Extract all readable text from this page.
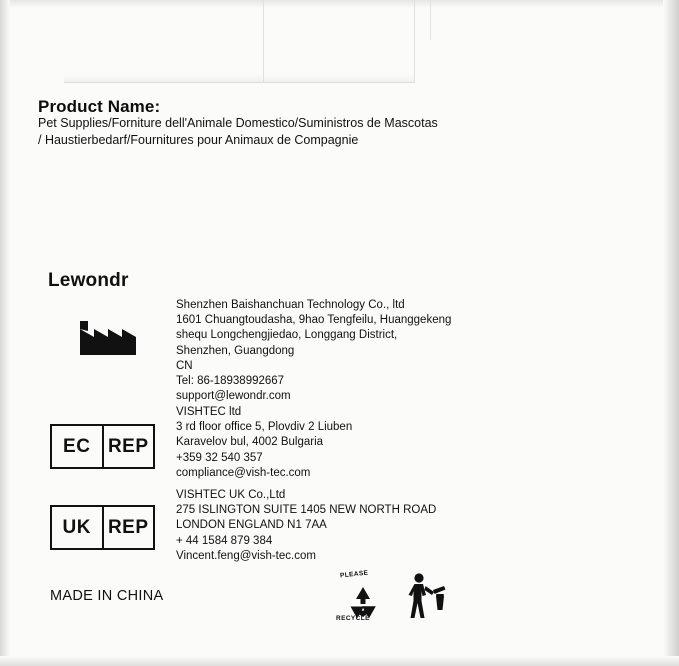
Product Name:
Pet Supplies/Forniture dell'Animale Domestico/Suministros de Mascotas
/ Haustierbedarf/Fournitures pour Animaux de Compagnie
Lewondr
Shenzhen Baishanchuan Technology Co., ltd
1601 Chuangtoudasha, 9hao Tengfeilu, Huanggekeng
shequ Longchengjiedao, Longgang District,
Shenzhen, Guangdong
CN
Tel: 86-18938992667
support@lewondr.com
EC REP
VISHTEC ltd
3 rd floor office 5, Plovdiv 2 Liuben
Karavelov bul, 4002 Bulgaria
+359 32 540 357
compliance@vish-tec.com
UK REP
VISHTEC UK Co.,Ltd
275 ISLINGTON SUITE 1405 NEW NORTH ROAD
LONDON ENGLAND N1 7AA
+ 44 1584 879 384
Vincent.feng@vish-tec.com
MADE IN CHINA
PLEASE
RECYCLE
